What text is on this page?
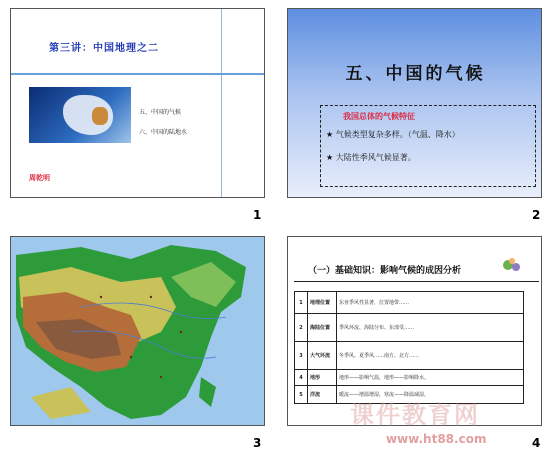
第三讲：中国地理之二
五、中国的气候
六、中国的陆地水
周乾明
1
五、中国的气候
我国总体的气候特征
★ 气候类型复杂多样。（气温、降水）
★ 大陆性季风气候显著。
2
3
（一）基础知识：影响气候的成因分析
1	地理位置	东亚季风性显著，位置地带……
2	海陆位置	季风环流、海陆分布、东部受……
3	大气环流	冬季风、夏季风……南方、北方……
4	地形	地形——影响气温，地形——影响降水。
5	洋流	暖流——增温增湿，寒流——降温减湿。
4
课件教育网
www.ht88.com
